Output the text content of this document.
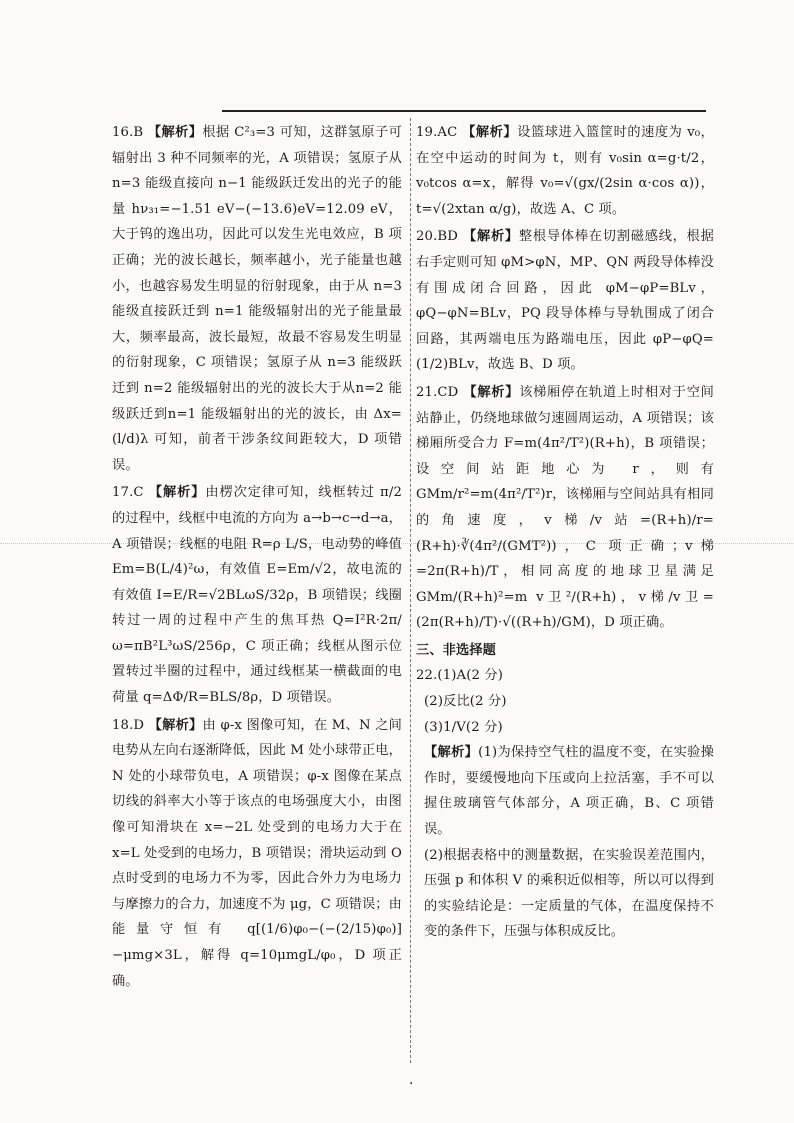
16.B 【解析】根据 C²₃=3 可知，这群氢原子可辐射出 3 种不同频率的光，A 项错误；氢原子从n=3 能级直接向 n−1 能级跃迁发出的光子的能量 hν₃₁=−1.51 eV−(−13.6)eV=12.09 eV，大于钨的逸出功，因此可以发生光电效应，B 项正确；光的波长越长，频率越小，光子能量也越小，也越容易发生明显的衍射现象，由于从 n=3 能级直接跃迁到 n=1 能级辐射出的光子能量最大，频率最高，波长最短，故最不容易发生明显的衍射现象，C 项错误；氢原子从 n=3 能级跃迁到 n=2 能级辐射出的光的波长大于从n=2 能级跃迁到n=1 能级辐射出的光的波长，由 Δx=(l/d)λ 可知，前者干涉条纹间距较大，D 项错误。

17.C 【解析】由楞次定律可知，线框转过 π/2 的过程中，线框中电流的方向为 a→b→c→d→a，A 项错误；线框的电阻 R=ρ L/S，电动势的峰值 Em=B(L/4)²ω，有效值 E=Em/√2，故电流的有效值 I=E/R=√2BLωS/32ρ，B 项错误；线圈转过一周的过程中产生的焦耳热 Q=I²R·2π/ω=πB²L³ωS/256ρ，C 项正确；线框从图示位置转过半圈的过程中，通过线框某一横截面的电荷量 q=ΔΦ/R=BLS/8ρ，D 项错误。

18.D 【解析】由 φ-x 图像可知，在 M、N 之间电势从左向右逐渐降低，因此 M 处小球带正电，N 处的小球带负电，A 项错误；φ-x 图像在某点切线的斜率大小等于该点的电场强度大小，由图像可知滑块在 x=−2L 处受到的电场力大于在 x=L 处受到的电场力，B 项错误；滑块运动到 O 点时受到的电场力不为零，因此合外力为电场力与摩擦力的合力，加速度不为 μg，C 项错误；由能量守恒有 q[(1/6)φ₀−(−(2/15)φ₀)]−μmg×3L，解得 q=10μmgL/φ₀，D 项正确。

19.AC 【解析】设篮球进入篮筐时的速度为 v₀，在空中运动的时间为 t，则有 v₀sin α=g·t/2，v₀tcos α=x，解得 v₀=√(gx/(2sin α·cos α))，t=√(2xtan α/g)，故选 A、C 项。

20.BD 【解析】整根导体棒在切割磁感线，根据右手定则可知 φM>φN，MP、QN 两段导体棒没有围成闭合回路，因此 φM−φP=BLv，φQ−φN=BLv，PQ 段导体棒与导轨围成了闭合回路，其两端电压为路端电压，因此 φP−φQ=(1/2)BLv，故选 B、D 项。

21.CD 【解析】该梯厢停在轨道上时相对于空间站静止，仍绕地球做匀速圆周运动，A 项错误；该梯厢所受合力 F=m(4π²/T²)(R+h)，B 项错误；设空间站距地心为 r，则有 GMm/r²=m(4π²/T²)r，该梯厢与空间站具有相同的角速度，v梯/v站=(R+h)/r=(R+h)·∛(4π²/(GMT²))，C 项正确；v梯=2π(R+h)/T，相同高度的地球卫星满足 GMm/(R+h)²=m v卫²/(R+h)，v梯/v卫=(2π(R+h)/T)·√((R+h)/GM)，D 项正确。

三、非选择题

22.(1)A(2 分)

(2)反比(2 分)

(3)1/V(2 分)

【解析】(1)为保持空气柱的温度不变，在实验操作时，要缓慢地向下压或向上拉活塞，手不可以握住玻璃管气体部分，A 项正确，B、C 项错误。

(2)根据表格中的测量数据，在实验误差范围内，压强 p 和体积 V 的乘积近似相等，所以可以得到的实验结论是：一定质量的气体，在温度保持不变的条件下，压强与体积成反比。

·
